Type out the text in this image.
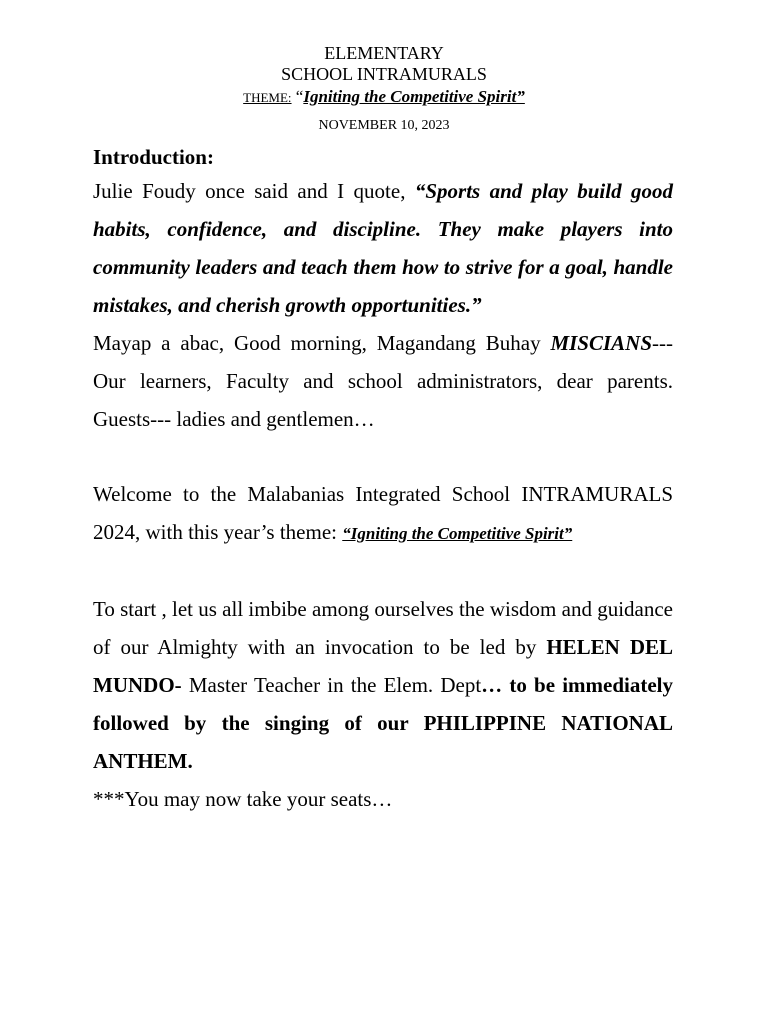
ELEMENTARY
SCHOOL INTRAMURALS
THEME: “Igniting the Competitive Spirit”
NOVEMBER 10, 2023

Introduction:

Julie Foudy once said and I quote, “Sports and play build good habits, confidence, and discipline. They make players into community leaders and teach them how to strive for a goal, handle mistakes, and cherish growth opportunities.”

Mayap a abac, Good morning, Magandang Buhay MISCIANS---Our learners, Faculty and school administrators, dear parents. Guests--- ladies and gentlemen…

Welcome to the Malabanias Integrated School INTRAMURALS 2024, with this year’s theme: “Igniting the Competitive Spirit”

To start , let us all imbibe among ourselves the wisdom and guidance of our Almighty with an invocation to be led by HELEN DEL MUNDO- Master Teacher in the Elem. Dept… to be immediately followed by the singing of our PHILIPPINE NATIONAL ANTHEM.

***You may now take your seats…
